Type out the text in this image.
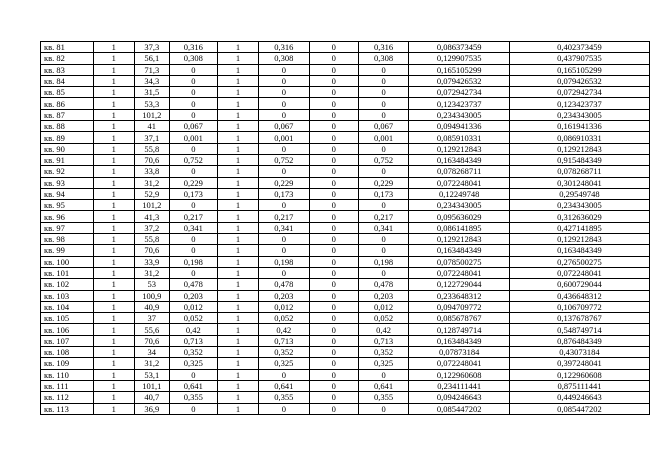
кв. 81	1	37,3	0,316	1	0,316	0	0,316	0,086373459	0,402373459
кв. 82	1	56,1	0,308	1	0,308	0	0,308	0,129907535	0,437907535
кв. 83	1	71,3	0	1	0	0	0	0,165105299	0,165105299
кв. 84	1	34,3	0	1	0	0	0	0,079426532	0,079426532
кв. 85	1	31,5	0	1	0	0	0	0,072942734	0,072942734
кв. 86	1	53,3	0	1	0	0	0	0,123423737	0,123423737
кв. 87	1	101,2	0	1	0	0	0	0,234343005	0,234343005
кв. 88	1	41	0,067	1	0,067	0	0,067	0,094941336	0,161941336
кв. 89	1	37,1	0,001	1	0,001	0	0,001	0,085910331	0,086910331
кв. 90	1	55,8	0	1	0	0	0	0,129212843	0,129212843
кв. 91	1	70,6	0,752	1	0,752	0	0,752	0,163484349	0,915484349
кв. 92	1	33,8	0	1	0	0	0	0,078268711	0,078268711
кв. 93	1	31,2	0,229	1	0,229	0	0,229	0,072248041	0,301248041
кв. 94	1	52,9	0,173	1	0,173	0	0,173	0,12249748	0,29549748
кв. 95	1	101,2	0	1	0	0	0	0,234343005	0,234343005
кв. 96	1	41,3	0,217	1	0,217	0	0,217	0,095636029	0,312636029
кв. 97	1	37,2	0,341	1	0,341	0	0,341	0,086141895	0,427141895
кв. 98	1	55,8	0	1	0	0	0	0,129212843	0,129212843
кв. 99	1	70,6	0	1	0	0	0	0,163484349	0,163484349
кв. 100	1	33,9	0,198	1	0,198	0	0,198	0,078500275	0,276500275
кв. 101	1	31,2	0	1	0	0	0	0,072248041	0,072248041
кв. 102	1	53	0,478	1	0,478	0	0,478	0,122729044	0,600729044
кв. 103	1	100,9	0,203	1	0,203	0	0,203	0,233648312	0,436648312
кв. 104	1	40,9	0,012	1	0,012	0	0,012	0,094709772	0,106709772
кв. 105	1	37	0,052	1	0,052	0	0,052	0,085678767	0,137678767
кв. 106	1	55,6	0,42	1	0,42	0	0,42	0,128749714	0,548749714
кв. 107	1	70,6	0,713	1	0,713	0	0,713	0,163484349	0,876484349
кв. 108	1	34	0,352	1	0,352	0	0,352	0,07873184	0,43073184
кв. 109	1	31,2	0,325	1	0,325	0	0,325	0,072248041	0,397248041
кв. 110	1	53,1	0	1	0	0	0	0,122960608	0,122960608
кв. 111	1	101,1	0,641	1	0,641	0	0,641	0,234111441	0,875111441
кв. 112	1	40,7	0,355	1	0,355	0	0,355	0,094246643	0,449246643
кв. 113	1	36,9	0	1	0	0	0	0,085447202	0,085447202
